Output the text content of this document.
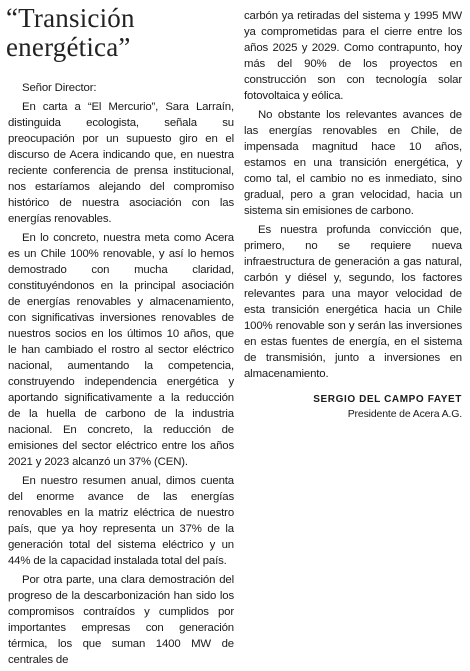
“Transición energética”

Señor Director:

En carta a “El Mercurio”, Sara Larraín, distinguida ecologista, señala su preocupación por un supuesto giro en el discurso de Acera indicando que, en nuestra reciente conferencia de prensa institucional, nos estaríamos alejando del compromiso histórico de nuestra asociación con las energías renovables.

En lo concreto, nuestra meta como Acera es un Chile 100% renovable, y así lo hemos demostrado con mucha claridad, constituyéndonos en la principal asociación de energías renovables y almacenamiento, con significativas inversiones renovables de nuestros socios en los últimos 10 años, que le han cambiado el rostro al sector eléctrico nacional, aumentando la competencia, construyendo independencia energética y aportando significativamente a la reducción de la huella de carbono de la industria nacional. En concreto, la reducción de emisiones del sector eléctrico entre los años 2021 y 2023 alcanzó un 37% (CEN).

En nuestro resumen anual, dimos cuenta del enorme avance de las energías renovables en la matriz eléctrica de nuestro país, que ya hoy representa un 37% de la generación total del sistema eléctrico y un 44% de la capacidad instalada total del país.

Por otra parte, una clara demostración del progreso de la descarbonización han sido los compromisos contraídos y cumplidos por importantes empresas con generación térmica, los que suman 1400 MW de centrales de

carbón ya retiradas del sistema y 1995 MW ya comprometidas para el cierre entre los años 2025 y 2029. Como contrapunto, hoy más del 90% de los proyectos en construcción son con tecnología solar fotovoltaica y eólica.

No obstante los relevantes avances de las energías renovables en Chile, de impensada magnitud hace 10 años, estamos en una transición energética, y como tal, el cambio no es inmediato, sino gradual, pero a gran velocidad, hacia un sistema sin emisiones de carbono.

Es nuestra profunda convicción que, primero, no se requiere nueva infraestructura de generación a gas natural, carbón y diésel y, segundo, los factores relevantes para una mayor velocidad de esta transición energética hacia un Chile 100% renovable son y serán las inversiones en estas fuentes de energía, en el sistema de transmisión, junto a inversiones en almacenamiento.

SERGIO DEL CAMPO FAYET
Presidente de Acera A.G.
